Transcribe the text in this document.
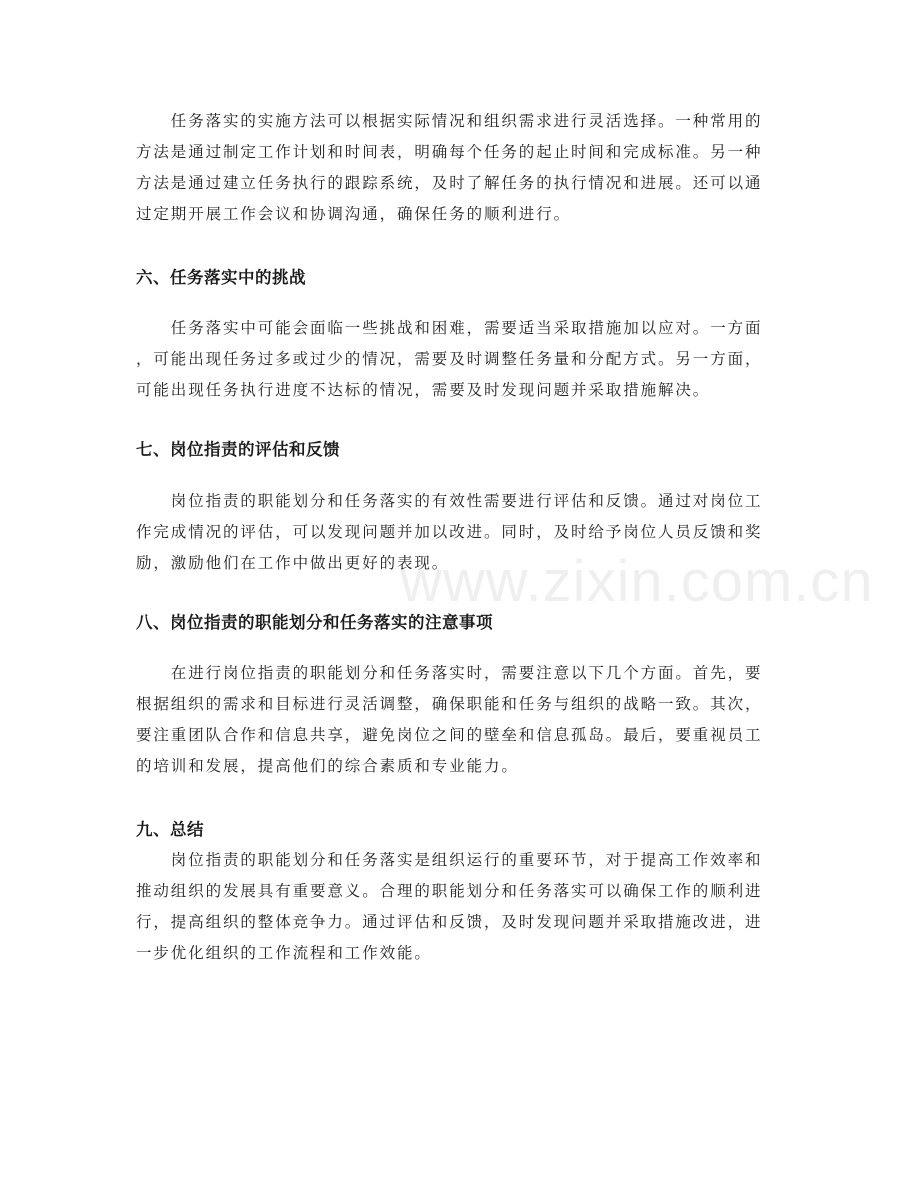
　　任务落实的实施方法可以根据实际情况和组织需求进行灵活选择。一种常用的

方法是通过制定工作计划和时间表，明确每个任务的起止时间和完成标准。另一种

方法是通过建立任务执行的跟踪系统，及时了解任务的执行情况和进展。还可以通

过定期开展工作会议和协调沟通，确保任务的顺利进行。

六、任务落实中的挑战

　　任务落实中可能会面临一些挑战和困难，需要适当采取措施加以应对。一方面

，可能出现任务过多或过少的情况，需要及时调整任务量和分配方式。另一方面，

可能出现任务执行进度不达标的情况，需要及时发现问题并采取措施解决。

七、岗位指责的评估和反馈

　　岗位指责的职能划分和任务落实的有效性需要进行评估和反馈。通过对岗位工

作完成情况的评估，可以发现问题并加以改进。同时，及时给予岗位人员反馈和奖

励，激励他们在工作中做出更好的表现。

八、岗位指责的职能划分和任务落实的注意事项

　　在进行岗位指责的职能划分和任务落实时，需要注意以下几个方面。首先，要

根据组织的需求和目标进行灵活调整，确保职能和任务与组织的战略一致。其次，

要注重团队合作和信息共享，避免岗位之间的壁垒和信息孤岛。最后，要重视员工

的培训和发展，提高他们的综合素质和专业能力。

九、总结

　　岗位指责的职能划分和任务落实是组织运行的重要环节，对于提高工作效率和

推动组织的发展具有重要意义。合理的职能划分和任务落实可以确保工作的顺利进

行，提高组织的整体竞争力。通过评估和反馈，及时发现问题并采取措施改进，进

一步优化组织的工作流程和工作效能。

www.zixin.com.cn
